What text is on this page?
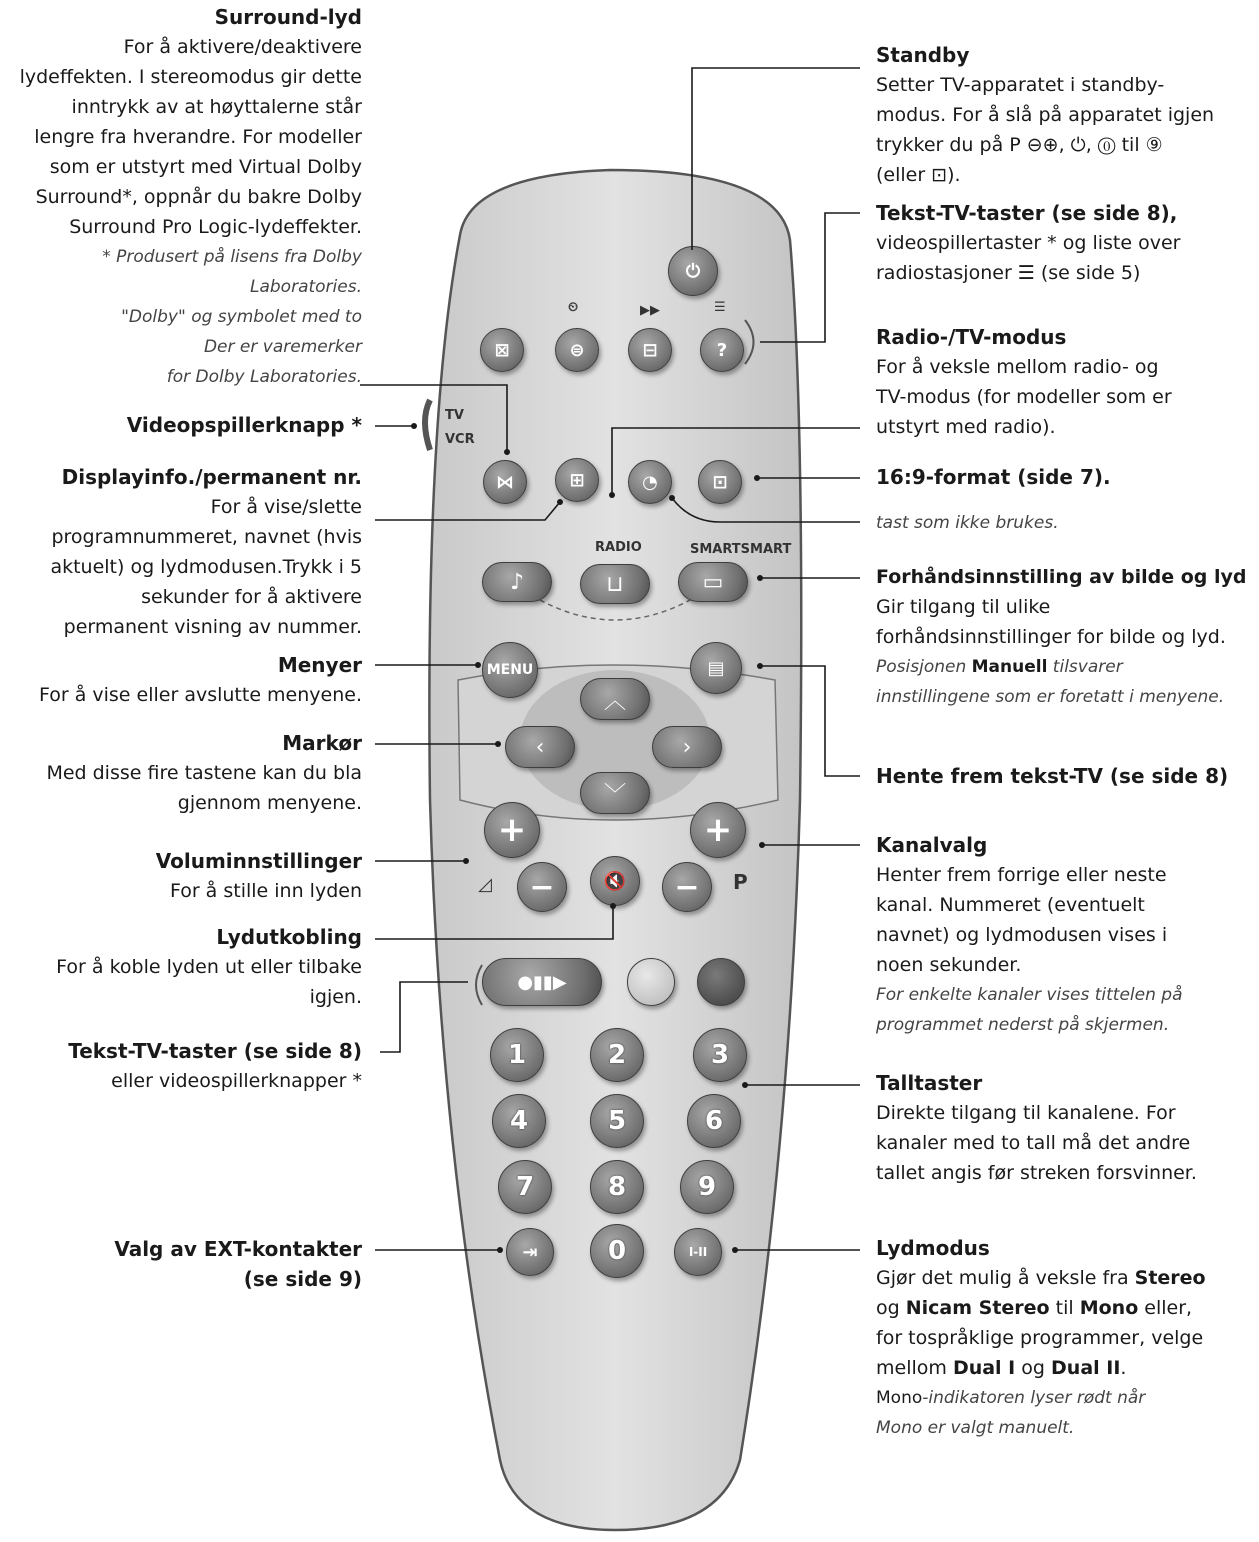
⏻
⊠
⏲
⊜
▶▶
⊟
☰
?
TV
VCR
⋈	⊞	◔	⊡
RADIO	SMARTSMART
♪	⊔	▭
MENU	▤
︿
‹	›
﹀
+	+
◿ −	🔇 − P
●▮▮▶
1	2	3
4	5	6
7	8	9
⇥	0	I-II
Surround-lyd
For å aktivere/deaktivere
lydeffekten. I stereomodus gir dette
inntrykk av at høyttalerne står
lengre fra hverandre. For modeller
som er utstyrt med Virtual Dolby
Surround*, oppnår du bakre Dolby
Surround Pro Logic-lydeffekter.
* Produsert på lisens fra Dolby
Laboratories.
"Dolby" og symbolet med to
Der er varemerker
for Dolby Laboratories.
Videopspillerknapp *
Displayinfo./permanent nr.
For å vise/slette
programnummeret, navnet (hvis
aktuelt) og lydmodusen.Trykk i 5
sekunder for å aktivere
permanent visning av nummer.
Menyer
For å vise eller avslutte menyene.
Markør
Med disse fire tastene kan du bla
gjennom menyene.
Voluminnstillinger
For å stille inn lyden
Lydutkobling
For å koble lyden ut eller tilbake igjen.
Tekst-TV-taster (se side 8)
eller videospillerknapper *
Valg av EXT-kontakter
(se side 9)
Standby
Setter TV-apparatet i standby-
modus. For å slå på apparatet igjen
trykker du på P ⊖⊕, ⏻, ⓪ til ⑨
(eller ⊡).
Tekst-TV-taster (se side 8),
videospillertaster * og liste over
radiostasjoner ☰ (se side 5)
Radio-/TV-modus
For å veksle mellom radio- og
TV-modus (for modeller som er
utstyrt med radio).
16:9-format (side 7).
tast som ikke brukes.
Forhåndsinnstilling av bilde og lyd
Gir tilgang til ulike
forhåndsinnstillinger for bilde og lyd.
Posisjonen Manuell tilsvarer
innstillingene som er foretatt i menyene.
Hente frem tekst-TV (se side 8)
Kanalvalg
Henter frem forrige eller neste
kanal. Nummeret (eventuelt
navnet) og lydmodusen vises i
noen sekunder.
For enkelte kanaler vises tittelen på
programmet nederst på skjermen.
Talltaster
Direkte tilgang til kanalene. For
kanaler med to tall må det andre
tallet angis før streken forsvinner.
Lydmodus
Gjør det mulig å veksle fra Stereo
og Nicam Stereo til Mono eller,
for tospråklige programmer, velge
mellom Dual I og Dual II.
Mono-indikatoren lyser rødt når
Mono er valgt manuelt.
